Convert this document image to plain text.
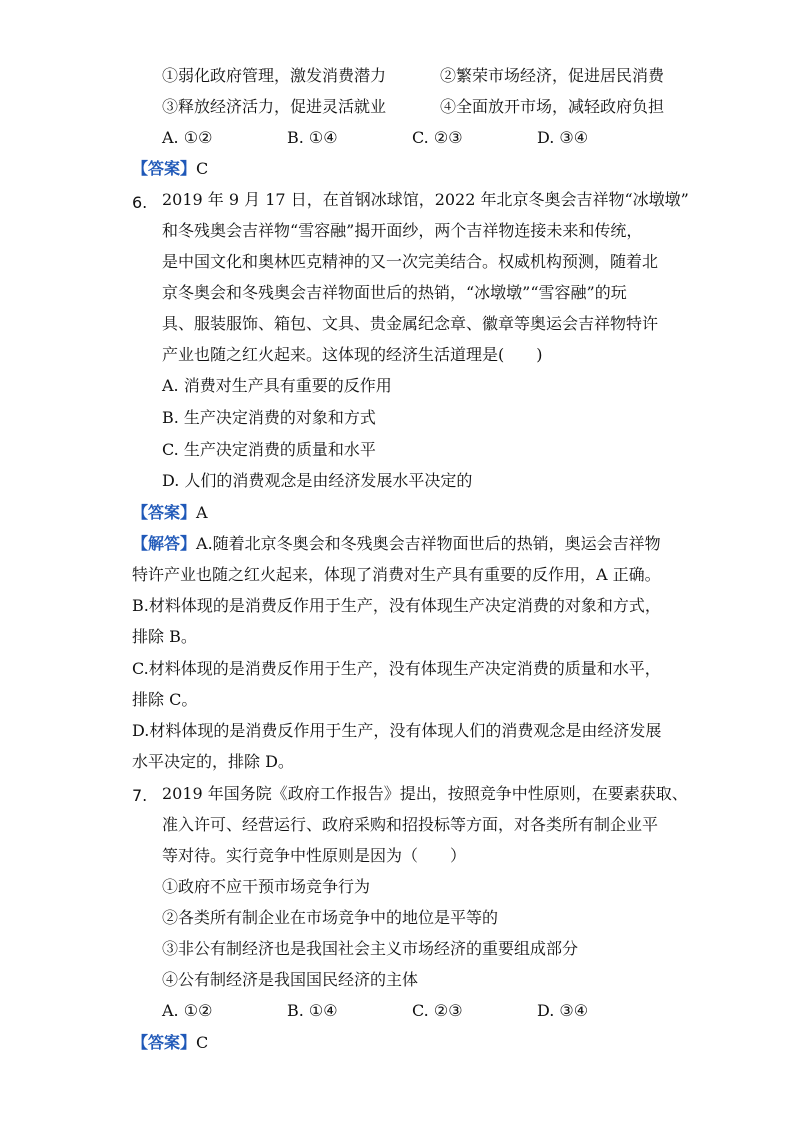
①弱化政府管理，激发消费潜力	②繁荣市场经济，促进居民消费
③释放经济活力，促进灵活就业	④全面放开市场，减轻政府负担
A. ①②	B. ①④	C. ②③	D. ③④
【答案】C
6. 2019 年 9 月 17 日，在首钢冰球馆，2022 年北京冬奥会吉祥物“冰墩墩”
和冬残奥会吉祥物“雪容融”揭开面纱，两个吉祥物连接未来和传统，
是中国文化和奥林匹克精神的又一次完美结合。权威机构预测，随着北
京冬奥会和冬残奥会吉祥物面世后的热销，“冰墩墩”“雪容融”的玩
具、服装服饰、箱包、文具、贵金属纪念章、徽章等奥运会吉祥物特许
产业也随之红火起来。这体现的经济生活道理是(　　)
A. 消费对生产具有重要的反作用
B. 生产决定消费的对象和方式
C. 生产决定消费的质量和水平
D. 人们的消费观念是由经济发展水平决定的
【答案】A
【解答】A.随着北京冬奥会和冬残奥会吉祥物面世后的热销，奥运会吉祥物
特许产业也随之红火起来，体现了消费对生产具有重要的反作用，A 正确。
B.材料体现的是消费反作用于生产，没有体现生产决定消费的对象和方式，
排除 B。
C.材料体现的是消费反作用于生产，没有体现生产决定消费的质量和水平，
排除 C。
D.材料体现的是消费反作用于生产，没有体现人们的消费观念是由经济发展
水平决定的，排除 D。
7. 2019 年国务院《政府工作报告》提出，按照竞争中性原则，在要素获取、
准入许可、经营运行、政府采购和招投标等方面，对各类所有制企业平
等对待。实行竞争中性原则是因为（　　）
①政府不应干预市场竞争行为
②各类所有制企业在市场竞争中的地位是平等的
③非公有制经济也是我国社会主义市场经济的重要组成部分
④公有制经济是我国国民经济的主体
A. ①②	B. ①④	C. ②③	D. ③④
【答案】C
